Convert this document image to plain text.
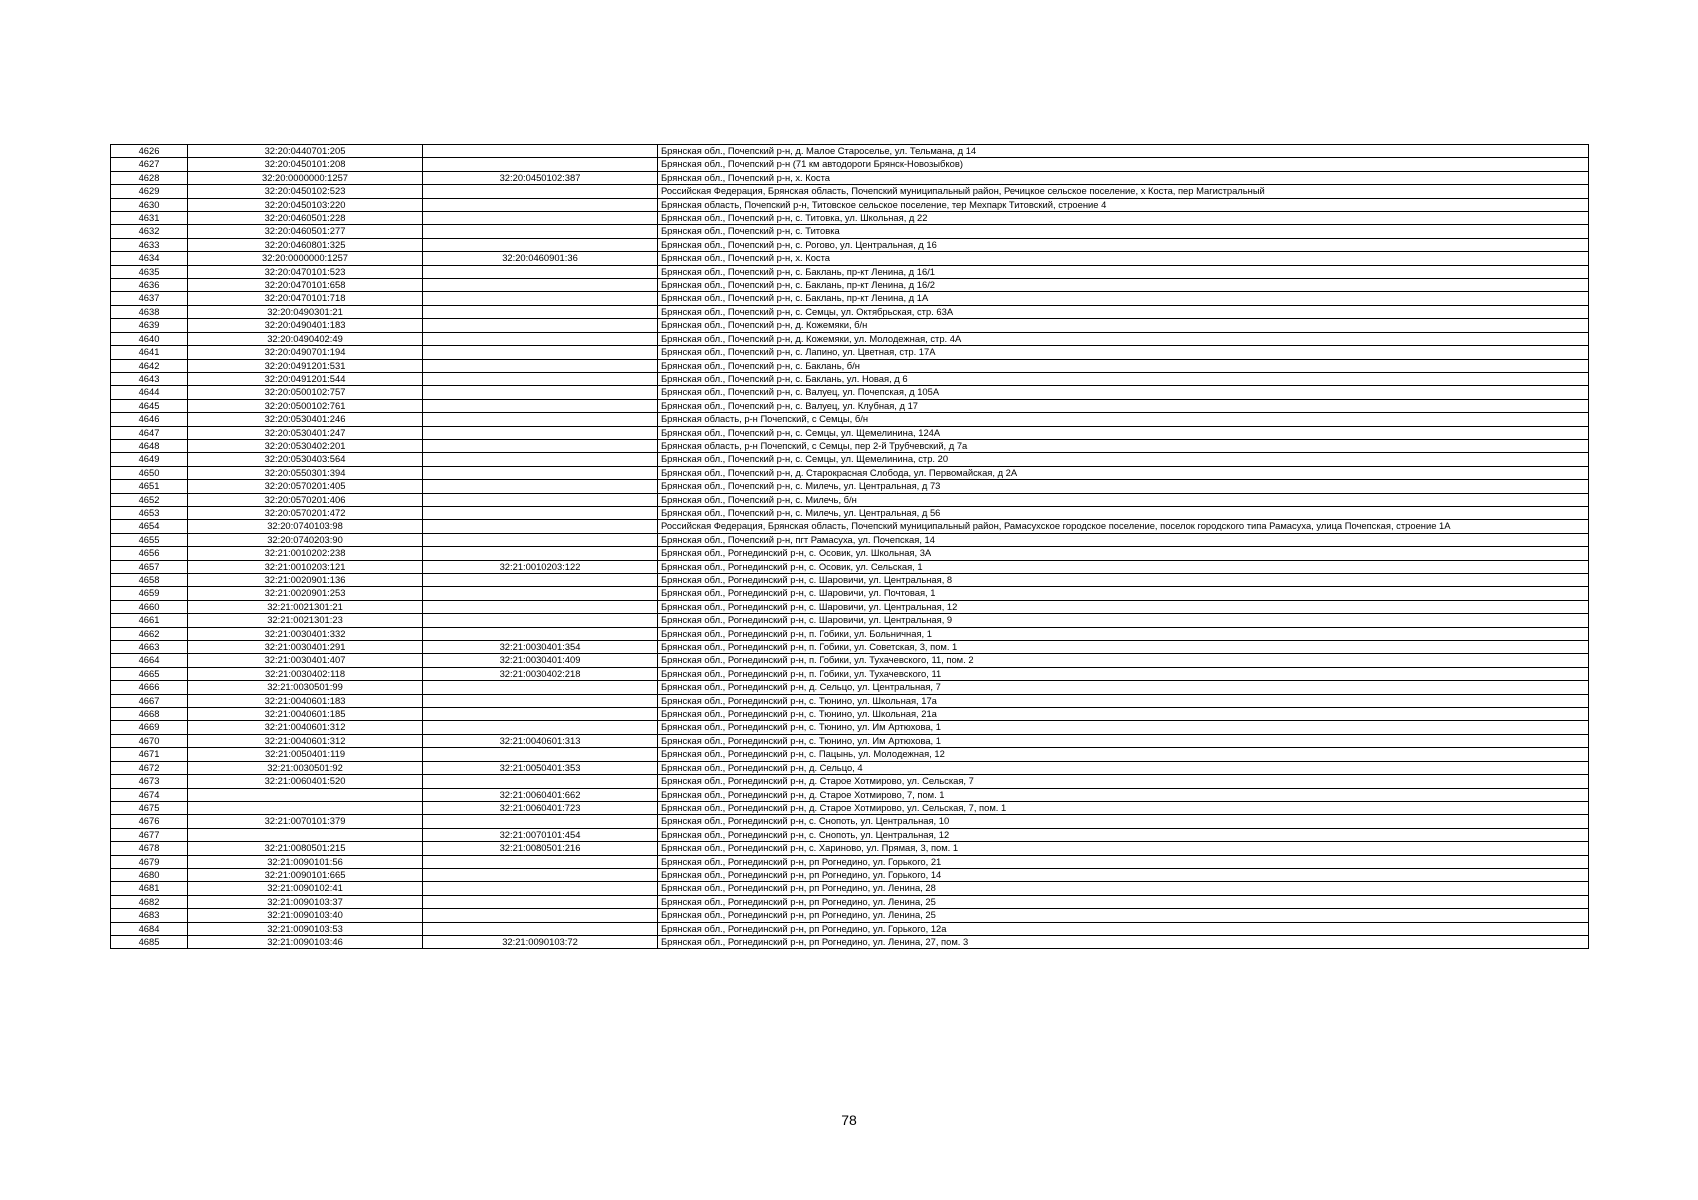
4626	32:20:0440701:205		Брянская обл., Почепский р-н, д. Малое Староселье, ул. Тельмана, д 14
4627	32:20:0450101:208		Брянская обл., Почепский р-н (71 км автодороги Брянск-Новозыбков)
4628	32:20:0000000:1257	32:20:0450102:387	Брянская обл., Почепский р-н, х. Коста
4629	32:20:0450102:523		Российская Федерация, Брянская область, Почепский муниципальный район, Речицкое сельское поселение, х Коста, пер Магистральный
4630	32:20:0450103:220		Брянская область, Почепский р-н, Титовское сельское поселение, тер Мехпарк Титовский, строение 4
4631	32:20:0460501:228		Брянская обл., Почепский р-н, с. Титовка, ул. Школьная, д 22
4632	32:20:0460501:277		Брянская обл., Почепский р-н, с. Титовка
4633	32:20:0460801:325		Брянская обл., Почепский р-н, с. Рогово, ул. Центральная, д 16
4634	32:20:0000000:1257	32:20:0460901:36	Брянская обл., Почепский р-н, х. Коста
4635	32:20:0470101:523		Брянская обл., Почепский р-н, с. Баклань, пр-кт Ленина, д 16/1
4636	32:20:0470101:658		Брянская обл., Почепский р-н, с. Баклань, пр-кт Ленина, д 16/2
4637	32:20:0470101:718		Брянская обл., Почепский р-н, с. Баклань, пр-кт Ленина, д 1А
4638	32:20:0490301:21		Брянская обл., Почепский р-н, с. Семцы, ул. Октябрьская, стр. 63А
4639	32:20:0490401:183		Брянская обл., Почепский р-н, д. Кожемяки, б/н
4640	32:20:0490402:49		Брянская обл., Почепский р-н, д. Кожемяки, ул. Молодежная, стр. 4А
4641	32:20:0490701:194		Брянская обл., Почепский р-н, с. Лапино, ул. Цветная, стр. 17А
4642	32:20:0491201:531		Брянская обл., Почепский р-н, с. Баклань, б/н
4643	32:20:0491201:544		Брянская обл., Почепский р-н, с. Баклань, ул. Новая, д 6
4644	32:20:0500102:757		Брянская обл., Почепский р-н, с. Валуец, ул. Почепская, д 105А
4645	32:20:0500102:761		Брянская обл., Почепский р-н, с. Валуец, ул. Клубная, д 17
4646	32:20:0530401:246		Брянская область, р-н Почепский, с Семцы, б/н
4647	32:20:0530401:247		Брянская обл., Почепский р-н, с. Семцы, ул. Щемелинина, 124А
4648	32:20:0530402:201		Брянская область, р-н Почепский, с Семцы, пер 2-й Трубчевский, д 7а
4649	32:20:0530403:564		Брянская обл., Почепский р-н, с. Семцы, ул. Щемелинина, стр. 20
4650	32:20:0550301:394		Брянская обл., Почепский р-н, д. Старокрасная Слобода, ул. Первомайская, д 2А
4651	32:20:0570201:405		Брянская обл., Почепский р-н, с. Милечь, ул. Центральная, д 73
4652	32:20:0570201:406		Брянская обл., Почепский р-н, с. Милечь, б/н
4653	32:20:0570201:472		Брянская обл., Почепский р-н, с. Милечь, ул. Центральная, д 56
4654	32:20:0740103:98		Российская Федерация, Брянская область, Почепский муниципальный район, Рамасухское городское поселение, поселок городского типа Рамасуха, улица Почепская, строение 1А
4655	32:20:0740203:90		Брянская обл., Почепский р-н, пгт Рамасуха, ул. Почепская, 14
4656	32:21:0010202:238		Брянская обл., Рогнединский р-н, с. Осовик, ул. Школьная, 3А
4657	32:21:0010203:121	32:21:0010203:122	Брянская обл., Рогнединский р-н, с. Осовик, ул. Сельская, 1
4658	32:21:0020901:136		Брянская обл., Рогнединский р-н, с. Шаровичи, ул. Центральная, 8
4659	32:21:0020901:253		Брянская обл., Рогнединский р-н, с. Шаровичи, ул. Почтовая, 1
4660	32:21:0021301:21		Брянская обл., Рогнединский р-н, с. Шаровичи, ул. Центральная, 12
4661	32:21:0021301:23		Брянская обл., Рогнединский р-н, с. Шаровичи, ул. Центральная, 9
4662	32:21:0030401:332		Брянская обл., Рогнединский р-н, п. Гобики, ул. Больничная, 1
4663	32:21:0030401:291	32:21:0030401:354	Брянская обл., Рогнединский р-н, п. Гобики, ул. Советская, 3, пом. 1
4664	32:21:0030401:407	32:21:0030401:409	Брянская обл., Рогнединский р-н, п. Гобики, ул. Тухачевского, 11, пом. 2
4665	32:21:0030402:118	32:21:0030402:218	Брянская обл., Рогнединский р-н, п. Гобики, ул. Тухачевского, 11
4666	32:21:0030501:99		Брянская обл., Рогнединский р-н, д. Сельцо, ул. Центральная, 7
4667	32:21:0040601:183		Брянская обл., Рогнединский р-н, с. Тюнино, ул. Школьная, 17а
4668	32:21:0040601:185		Брянская обл., Рогнединский р-н, с. Тюнино, ул. Школьная, 21а
4669	32:21:0040601:312		Брянская обл., Рогнединский р-н, с. Тюнино, ул. Им Артюхова, 1
4670	32:21:0040601:312	32:21:0040601:313	Брянская обл., Рогнединский р-н, с. Тюнино, ул. Им Артюхова, 1
4671	32:21:0050401:119		Брянская обл., Рогнединский р-н, с. Пацынь, ул. Молодежная, 12
4672	32:21:0030501:92	32:21:0050401:353	Брянская обл., Рогнединский р-н, д. Сельцо, 4
4673	32:21:0060401:520		Брянская обл., Рогнединский р-н, д. Старое Хотмирово, ул. Сельская, 7
4674		32:21:0060401:662	Брянская обл., Рогнединский р-н, д. Старое Хотмирово, 7, пом. 1
4675		32:21:0060401:723	Брянская обл., Рогнединский р-н, д. Старое Хотмирово, ул. Сельская, 7, пом. 1
4676	32:21:0070101:379		Брянская обл., Рогнединский р-н, с. Снопоть, ул. Центральная, 10
4677		32:21:0070101:454	Брянская обл., Рогнединский р-н, с. Снопоть, ул. Центральная, 12
4678	32:21:0080501:215	32:21:0080501:216	Брянская обл., Рогнединский р-н, с. Хариново, ул. Прямая, 3, пом. 1
4679	32:21:0090101:56		Брянская обл., Рогнединский р-н, рп Рогнедино, ул. Горького, 21
4680	32:21:0090101:665		Брянская обл., Рогнединский р-н, рп Рогнедино, ул. Горького, 14
4681	32:21:0090102:41		Брянская обл., Рогнединский р-н, рп Рогнедино, ул. Ленина, 28
4682	32:21:0090103:37		Брянская обл., Рогнединский р-н, рп Рогнедино, ул. Ленина, 25
4683	32:21:0090103:40		Брянская обл., Рогнединский р-н, рп Рогнедино, ул. Ленина, 25
4684	32:21:0090103:53		Брянская обл., Рогнединский р-н, рп Рогнедино, ул. Горького, 12а
4685	32:21:0090103:46	32:21:0090103:72	Брянская обл., Рогнединский р-н, рп Рогнедино, ул. Ленина, 27, пом. 3
78
